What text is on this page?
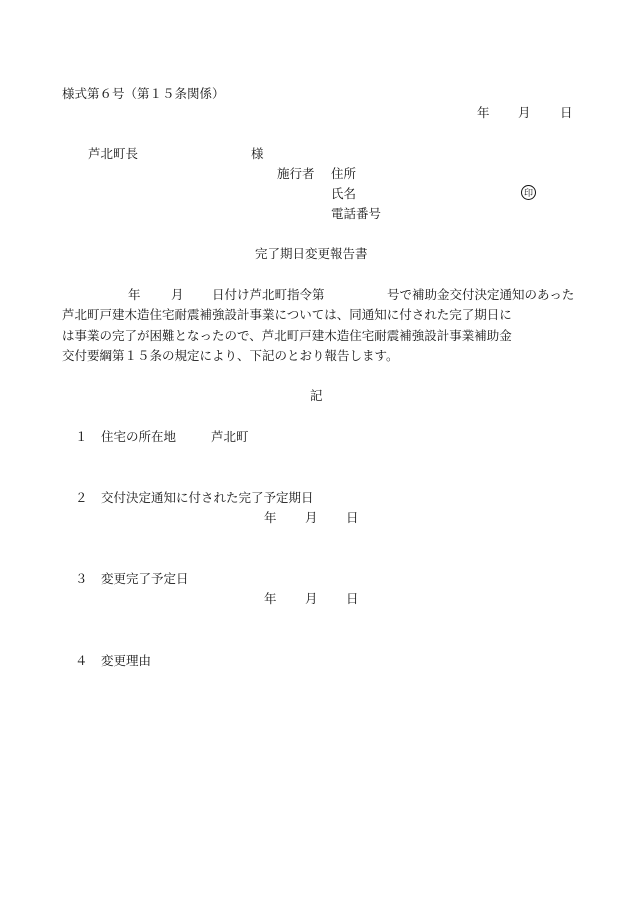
様式第６号（第１５条関係）
年 月 日
芦北町長	様
施行者 住所
氏名	印
電話番号
完了期日変更報告書
年 月 日付け芦北町指令第	号で補助金交付決定通知のあった
芦北町戸建木造住宅耐震補強設計事業については、同通知に付された完了期日に
は事業の完了が困難となったので、芦北町戸建木造住宅耐震補強設計事業補助金
交付要綱第１５条の規定により、下記のとおり報告します。
記
１ 住宅の所在地	芦北町
２ 交付決定通知に付された完了予定期日
年 月 日
３ 変更完了予定日
年 月 日
４ 変更理由
